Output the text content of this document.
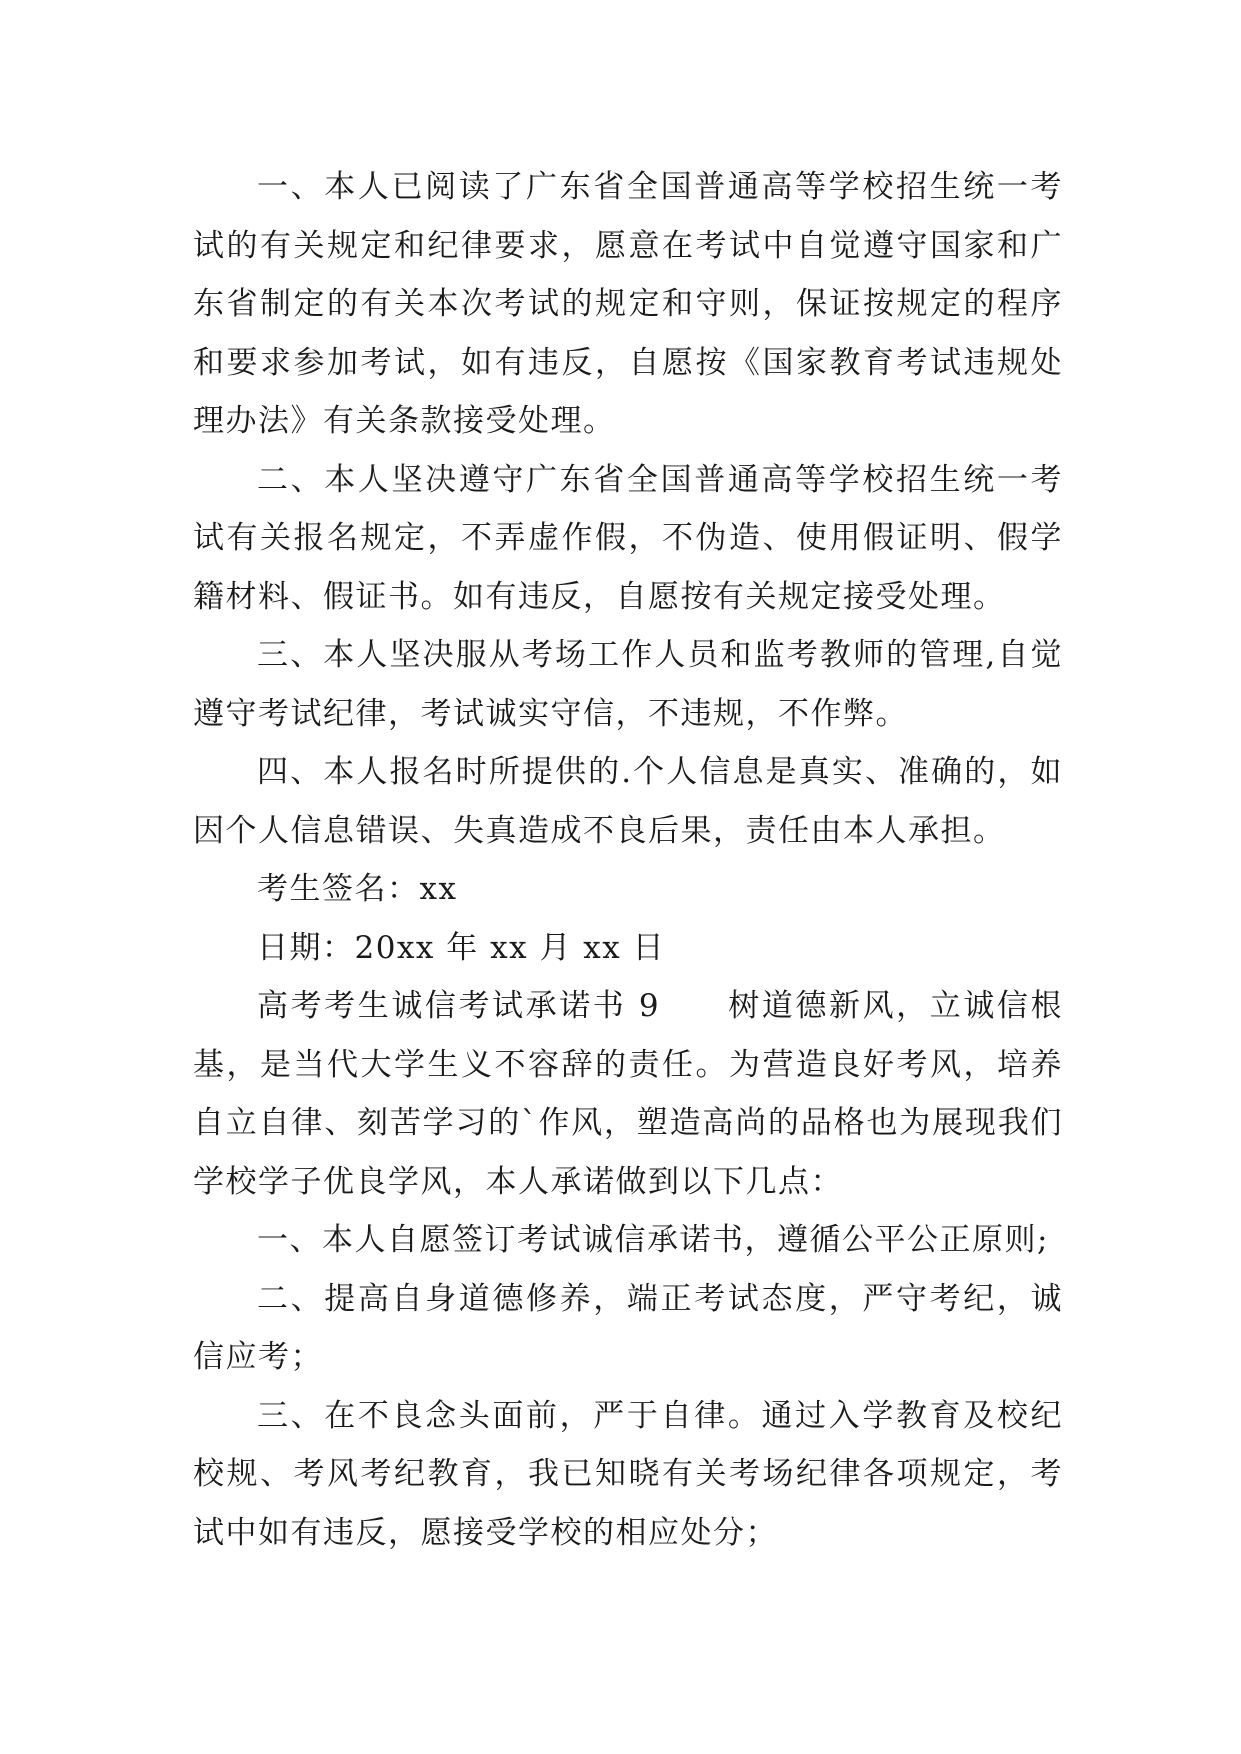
一、本人已阅读了广东省全国普通高等学校招生统一考试的有关规定和纪律要求，愿意在考试中自觉遵守国家和广东省制定的有关本次考试的规定和守则，保证按规定的程序和要求参加考试，如有违反，自愿按《国家教育考试违规处理办法》有关条款接受处理。

二、本人坚决遵守广东省全国普通高等学校招生统一考试有关报名规定，不弄虚作假，不伪造、使用假证明、假学籍材料、假证书。如有违反，自愿按有关规定接受处理。

三、本人坚决服从考场工作人员和监考教师的管理,自觉遵守考试纪律，考试诚实守信，不违规，不作弊。

四、本人报名时所提供的.个人信息是真实、准确的，如因个人信息错误、失真造成不良后果，责任由本人承担。

考生签名：xx

日期：20xx 年 xx 月 xx 日

高考考生诚信考试承诺书 9　　树道德新风，立诚信根基，是当代大学生义不容辞的责任。为营造良好考风，培养自立自律、刻苦学习的`作风，塑造高尚的品格也为展现我们学校学子优良学风，本人承诺做到以下几点：

一、本人自愿签订考试诚信承诺书，遵循公平公正原则;

二、提高自身道德修养，端正考试态度，严守考纪，诚信应考；

三、在不良念头面前，严于自律。通过入学教育及校纪校规、考风考纪教育，我已知晓有关考场纪律各项规定，考试中如有违反，愿接受学校的相应处分；
